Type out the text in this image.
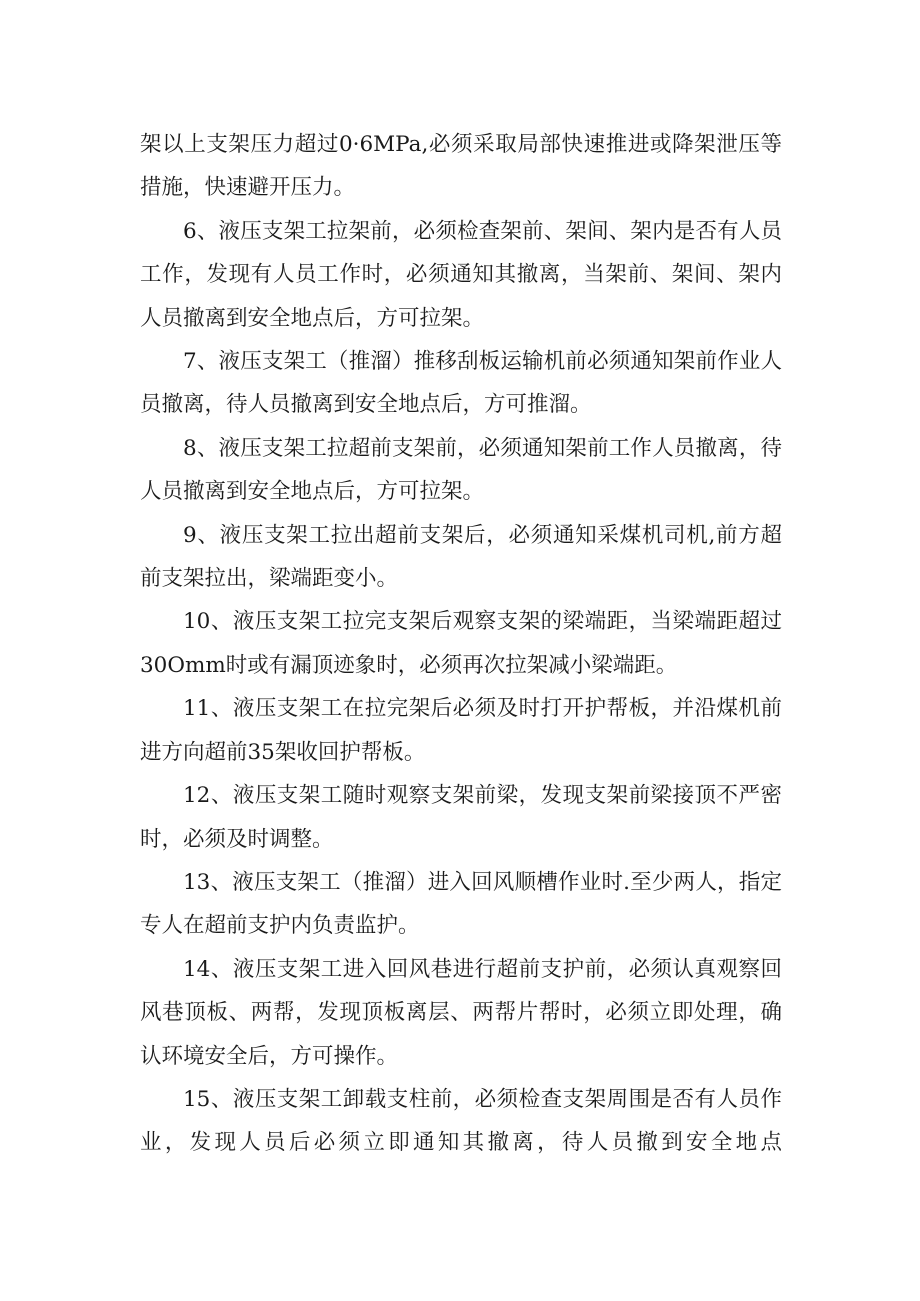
架以上支架压力超过0·6MPa,必须采取局部快速推进或降架泄压等措施，快速避开压力。

6、液压支架工拉架前，必须检查架前、架间、架内是否有人员工作，发现有人员工作时，必须通知其撤离，当架前、架间、架内人员撤离到安全地点后，方可拉架。

7、液压支架工（推溜）推移刮板运输机前必须通知架前作业人员撤离，待人员撤离到安全地点后，方可推溜。

8、液压支架工拉超前支架前，必须通知架前工作人员撤离，待人员撤离到安全地点后，方可拉架。

9、液压支架工拉出超前支架后，必须通知采煤机司机,前方超前支架拉出，梁端距变小。

10、液压支架工拉完支架后观察支架的梁端距，当梁端距超过30Omm时或有漏顶迹象时，必须再次拉架减小梁端距。

11、液压支架工在拉完架后必须及时打开护帮板，并沿煤机前进方向超前35架收回护帮板。

12、液压支架工随时观察支架前梁，发现支架前梁接顶不严密时，必须及时调整。

13、液压支架工（推溜）进入回风顺槽作业时.至少两人，指定专人在超前支护内负责监护。

14、液压支架工进入回风巷进行超前支护前，必须认真观察回风巷顶板、两帮，发现顶板离层、两帮片帮时，必须立即处理，确认环境安全后，方可操作。

15、液压支架工卸载支柱前，必须检查支架周围是否有人员作业，发现人员后必须立即通知其撤离，待人员撤到安全地点
